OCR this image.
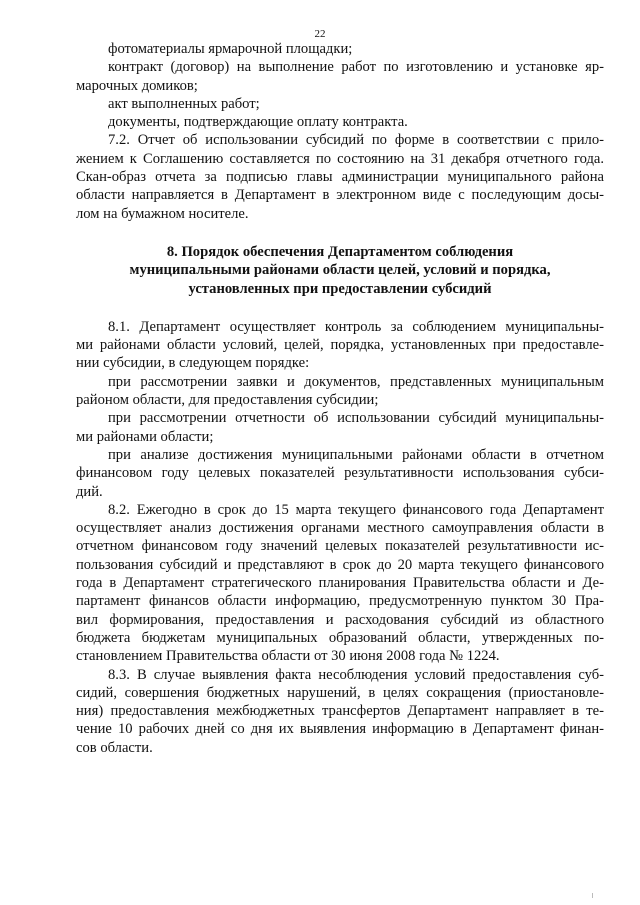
22
фотоматериалы ярмарочной площадки;
контракт (договор) на выполнение работ по изготовлению и установке яр-
марочных домиков;
акт выполненных работ;
документы, подтверждающие оплату контракта.
7.2. Отчет об использовании субсидий по форме в соответствии с прило-
жением к Соглашению составляется по состоянию на 31 декабря отчетного года.
Скан-образ отчета за подписью главы администрации муниципального района
области направляется в Департамент в электронном виде с последующим досы-
лом на бумажном носителе.
8. Порядок обеспечения Департаментом соблюдения
муниципальными районами области целей, условий и порядка,
установленных при предоставлении субсидий
8.1. Департамент осуществляет контроль за соблюдением муниципальны-
ми районами области условий, целей, порядка, установленных при предоставле-
нии субсидии, в следующем порядке:
при рассмотрении заявки и документов, представленных муниципальным
районом области, для предоставления субсидии;
при рассмотрении отчетности об использовании субсидий муниципальны-
ми районами области;
при анализе достижения муниципальными районами области в отчетном
финансовом году целевых показателей результативности использования субси-
дий.
8.2. Ежегодно в срок до 15 марта текущего финансового года Департамент
осуществляет анализ достижения органами местного самоуправления области в
отчетном финансовом году значений целевых показателей результативности ис-
пользования субсидий и представляют в срок до 20 марта текущего финансового
года в Департамент стратегического планирования Правительства области и Де-
партамент финансов области информацию, предусмотренную пунктом 30 Пра-
вил формирования, предоставления и расходования субсидий из областного
бюджета бюджетам муниципальных образований области, утвержденных по-
становлением Правительства области от 30 июня 2008 года № 1224.
8.3. В случае выявления факта несоблюдения условий предоставления суб-
сидий, совершения бюджетных нарушений, в целях сокращения (приостановле-
ния) предоставления межбюджетных трансфертов Департамент направляет в те-
чение 10 рабочих дней со дня их выявления информацию в Департамент финан-
сов области.
